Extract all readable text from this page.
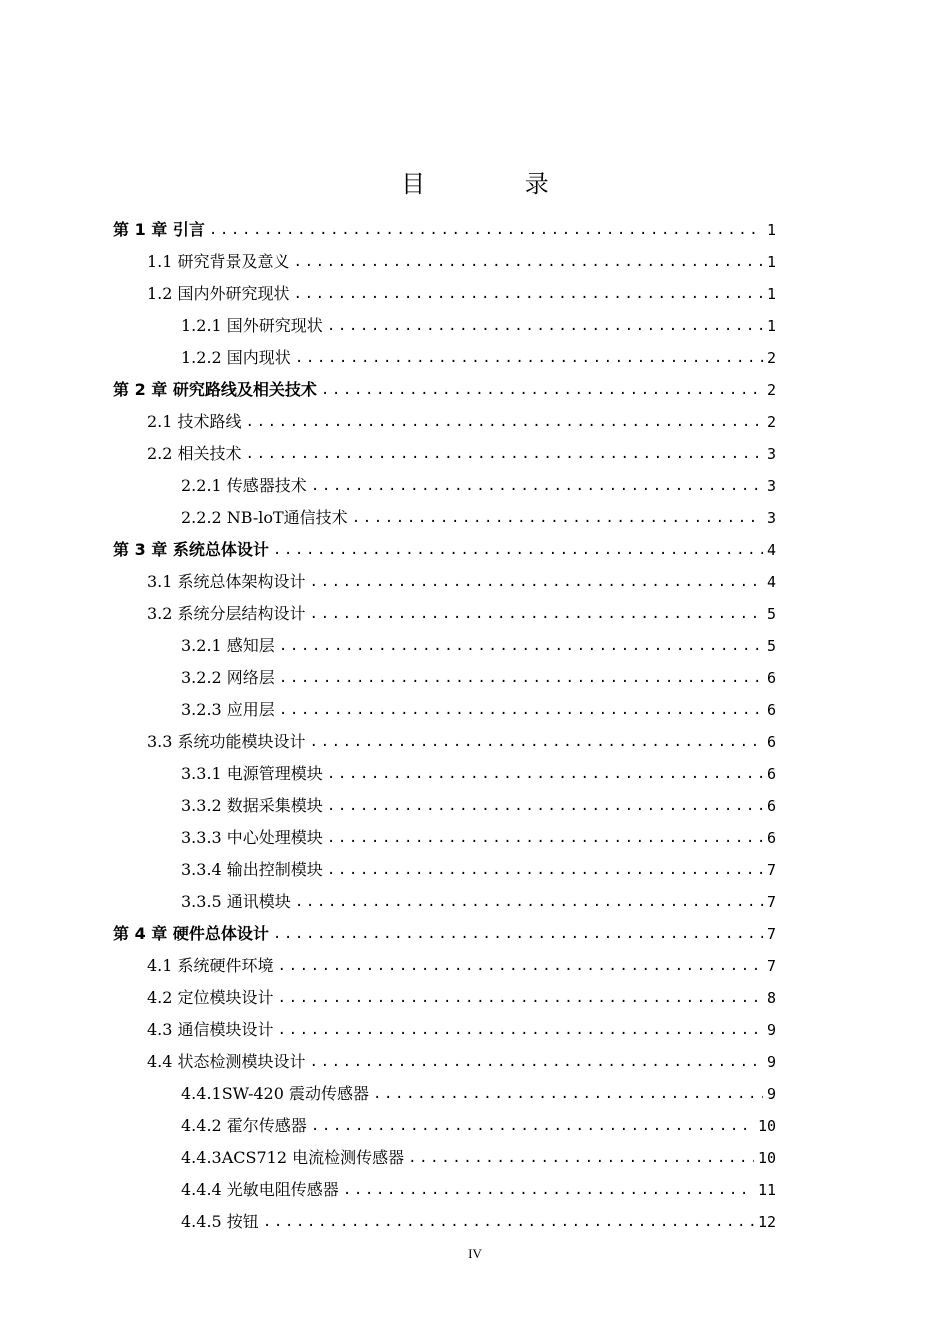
目 录
第 1 章 引言 .....	1
1.1 研究背景及意义 .....	1
1.2 国内外研究现状 .....	1
1.2.1 国外研究现状 .....	1
1.2.2 国内现状 .....	2
第 2 章 研究路线及相关技术 .....	2
2.1 技术路线 .....	2
2.2 相关技术 .....	3
2.2.1 传感器技术 .....	3
2.2.2 NB-loT通信技术 .....	3
第 3 章 系统总体设计 .....	4
3.1 系统总体架构设计 .....	4
3.2 系统分层结构设计 .....	5
3.2.1 感知层 .....	5
3.2.2 网络层 .....	6
3.2.3 应用层 .....	6
3.3 系统功能模块设计 .....	6
3.3.1 电源管理模块 .....	6
3.3.2 数据采集模块 .....	6
3.3.3 中心处理模块 .....	6
3.3.4 输出控制模块 .....	7
3.3.5 通讯模块 .....	7
第 4 章 硬件总体设计 .....	7
4.1 系统硬件环境 .....	7
4.2 定位模块设计 .....	8
4.3 通信模块设计 .....	9
4.4 状态检测模块设计 .....	9
4.4.1SW-420 震动传感器 .....	9
4.4.2 霍尔传感器 .....	10
4.4.3ACS712 电流检测传感器 .....	10
4.4.4 光敏电阻传感器 .....	11
4.4.5 按钮 .....	12
IV
